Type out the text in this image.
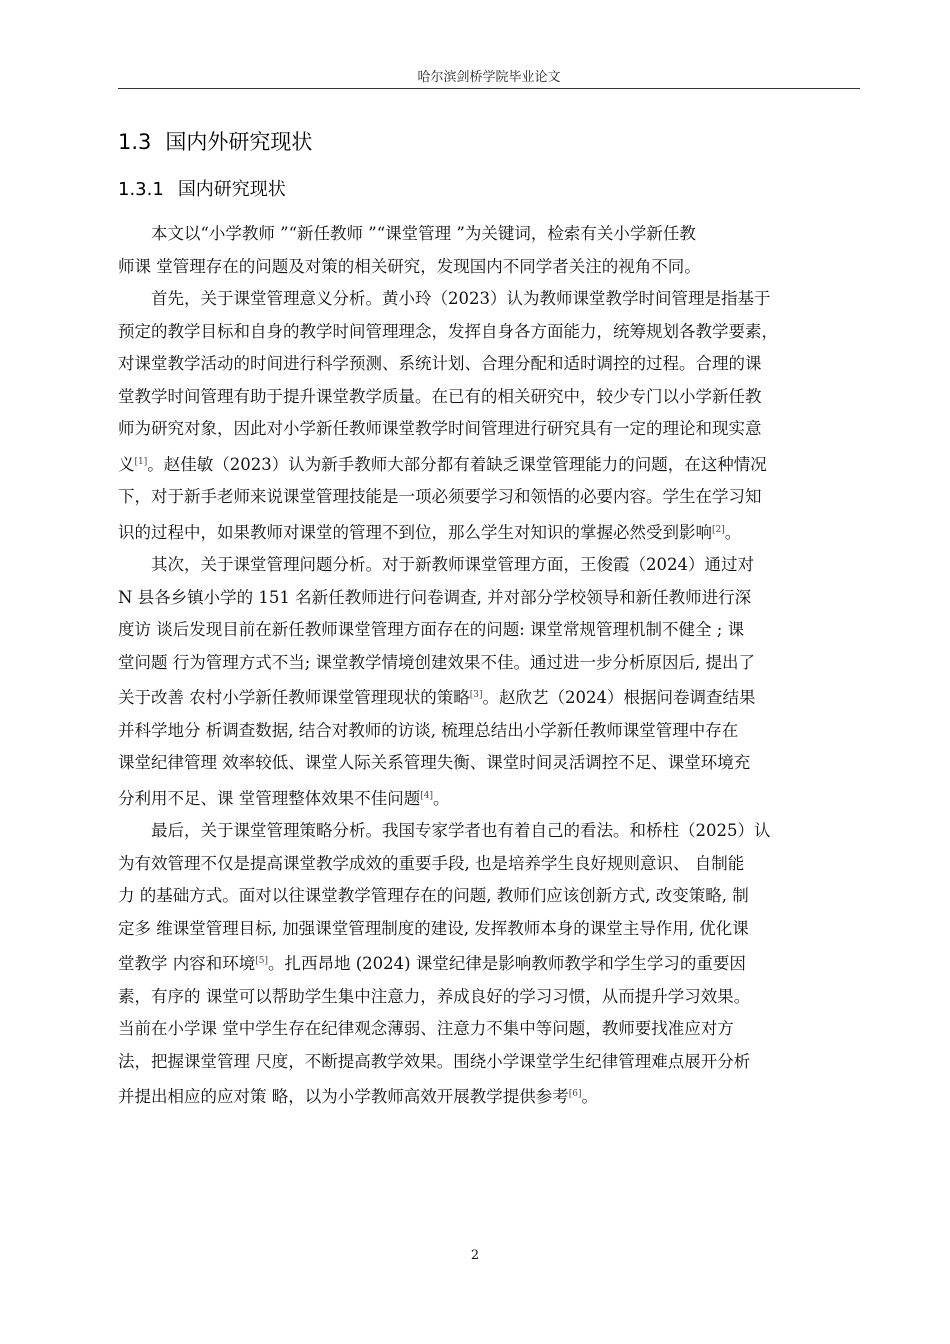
哈尔滨剑桥学院毕业论文
1.3 国内外研究现状
1.3.1 国内研究现状

本文以“小学教师 ”“新任教师 ”“课堂管理 ”为关键词，检索有关小学新任教
师课 堂管理存在的问题及对策的相关研究，发现国内不同学者关注的视角不同。

首先，关于课堂管理意义分析。黄小玲（2023）认为教师课堂教学时间管理是指基于
预定的教学目标和自身的教学时间管理理念，发挥自身各方面能力，统筹规划各教学要素，
对课堂教学活动的时间进行科学预测、系统计划、合理分配和适时调控的过程。合理的课
堂教学时间管理有助于提升课堂教学质量。在已有的相关研究中，较少专门以小学新任教
师为研究对象，因此对小学新任教师课堂教学时间管理进行研究具有一定的理论和现实意
义[1]。赵佳敏（2023）认为新手教师大部分都有着缺乏课堂管理能力的问题，在这种情况
下，对于新手老师来说课堂管理技能是一项必须要学习和领悟的必要内容。学生在学习知
识的过程中，如果教师对课堂的管理不到位，那么学生对知识的掌握必然受到影响[2]。

其次，关于课堂管理问题分析。对于新教师课堂管理方面，王俊霞（2024）通过对
N 县各乡镇小学的 151 名新任教师进行问卷调查, 并对部分学校领导和新任教师进行深
度访 谈后发现目前在新任教师课堂管理方面存在的问题: 课堂常规管理机制不健全 ; 课
堂问题 行为管理方式不当; 课堂教学情境创建效果不佳。通过进一步分析原因后, 提出了
关于改善 农村小学新任教师课堂管理现状的策略[3]。赵欣艺（2024）根据问卷调查结果
并科学地分 析调查数据, 结合对教师的访谈, 梳理总结出小学新任教师课堂管理中存在
课堂纪律管理 效率较低、课堂人际关系管理失衡、课堂时间灵活调控不足、课堂环境充
分利用不足、课 堂管理整体效果不佳问题[4]。

最后，关于课堂管理策略分析。我国专家学者也有着自己的看法。和桥柱（2025）认
为有效管理不仅是提高课堂教学成效的重要手段, 也是培养学生良好规则意识、 自制能
力 的基础方式。面对以往课堂教学管理存在的问题, 教师们应该创新方式, 改变策略, 制
定多 维课堂管理目标, 加强课堂管理制度的建设, 发挥教师本身的课堂主导作用, 优化课
堂教学 内容和环境[5]。扎西昂地 (2024) 课堂纪律是影响教师教学和学生学习的重要因
素，有序的 课堂可以帮助学生集中注意力，养成良好的学习习惯，从而提升学习效果。
当前在小学课 堂中学生存在纪律观念薄弱、注意力不集中等问题，教师要找准应对方
法，把握课堂管理 尺度，不断提高教学效果。围绕小学课堂学生纪律管理难点展开分析
并提出相应的应对策 略，以为小学教师高效开展教学提供参考[6]。

2
